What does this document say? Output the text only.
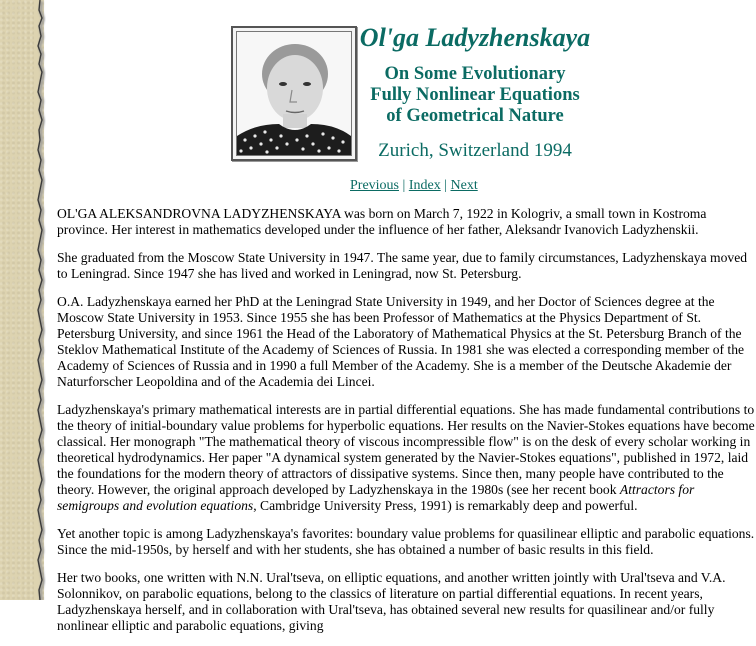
Ol'ga Ladyzhenskaya
On Some Evolutionary
Fully Nonlinear Equations
of Geometrical Nature

Zurich, Switzerland 1994

Previous | Index | Next

OL'GA ALEKSANDROVNA LADYZHENSKAYA was born on March 7, 1922 in Kologriv, a small town in Kostroma province. Her interest in mathematics developed under the influence of her father, Aleksandr Ivanovich Ladyzhenskii.

She graduated from the Moscow State University in 1947. The same year, due to family circumstances, Ladyzhenskaya moved to Leningrad. Since 1947 she has lived and worked in Leningrad, now St. Petersburg.

O.A. Ladyzhenskaya earned her PhD at the Leningrad State University in 1949, and her Doctor of Sciences degree at the Moscow State University in 1953. Since 1955 she has been Professor of Mathematics at the Physics Department of St. Petersburg University, and since 1961 the Head of the Laboratory of Mathematical Physics at the St. Petersburg Branch of the Steklov Mathematical Institute of the Academy of Sciences of Russia. In 1981 she was elected a corresponding member of the Academy of Sciences of Russia and in 1990 a full Member of the Academy. She is a member of the Deutsche Akademie der Naturforscher Leopoldina and of the Academia dei Lincei.

Ladyzhenskaya's primary mathematical interests are in partial differential equations. She has made fundamental contributions to the theory of initial-boundary value problems for hyperbolic equations. Her results on the Navier-Stokes equations have become classical. Her monograph "The mathematical theory of viscous incompressible flow" is on the desk of every scholar working in theoretical hydrodynamics. Her paper "A dynamical system generated by the Navier-Stokes equations", published in 1972, laid the foundations for the modern theory of attractors of dissipative systems. Since then, many people have contributed to the theory. However, the original approach developed by Ladyzhenskaya in the 1980s (see her recent book Attractors for semigroups and evolution equations, Cambridge University Press, 1991) is remarkably deep and powerful.

Yet another topic is among Ladyzhenskaya's favorites: boundary value problems for quasilinear elliptic and parabolic equations. Since the mid-1950s, by herself and with her students, she has obtained a number of basic results in this field.

Her two books, one written with N.N. Ural'tseva, on elliptic equations, and another written jointly with Ural'tseva and V.A. Solonnikov, on parabolic equations, belong to the classics of literature on partial differential equations. In recent years, Ladyzhenskaya herself, and in collaboration with Ural'tseva, has obtained several new results for quasilinear and/or fully nonlinear elliptic and parabolic equations, giving
